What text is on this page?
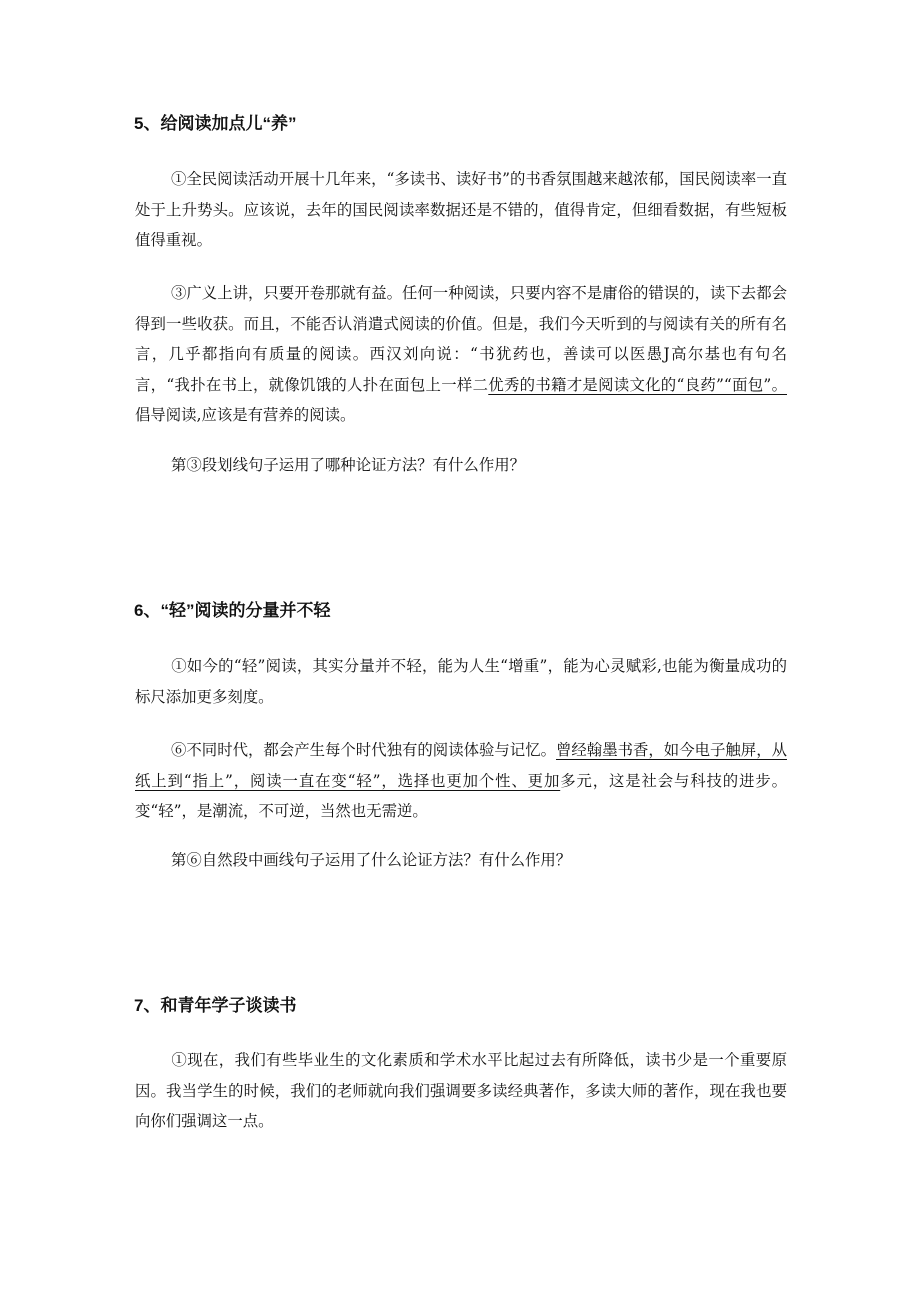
5、给阅读加点儿“养”

①全民阅读活动开展十几年来，“多读书、读好书”的书香氛围越来越浓郁，国民阅读率一直处于上升势头。应该说，去年的国民阅读率数据还是不错的，值得肯定，但细看数据，有些短板值得重视。

③广义上讲，只要开卷那就有益。任何一种阅读，只要内容不是庸俗的错误的，读下去都会得到一些收获。而且，不能否认消遣式阅读的价值。但是，我们今天听到的与阅读有关的所有名言，几乎都指向有质量的阅读。西汉刘向说：“书犹药也，善读可以医愚J高尔基也有句名言，“我扑在书上，就像饥饿的人扑在面包上一样二优秀的书籍才是阅读文化的“良药”“面包”。倡导阅读,应该是有营养的阅读。

第③段划线句子运用了哪种论证方法？有什么作用？

6、“轻”阅读的分量并不轻

①如今的“轻”阅读，其实分量并不轻，能为人生“增重”，能为心灵赋彩,也能为衡量成功的标尺添加更多刻度。

⑥不同时代，都会产生每个时代独有的阅读体验与记忆。曾经翰墨书香，如今电子触屏，从纸上到“指上”，阅读一直在变“轻”，选择也更加个性、更加多元，这是社会与科技的进步。变“轻”，是潮流，不可逆，当然也无需逆。

第⑥自然段中画线句子运用了什么论证方法？有什么作用？

7、和青年学子谈读书

①现在，我们有些毕业生的文化素质和学术水平比起过去有所降低，读书少是一个重要原因。我当学生的时候，我们的老师就向我们强调要多读经典著作，多读大师的著作，现在我也要向你们强调这一点。
